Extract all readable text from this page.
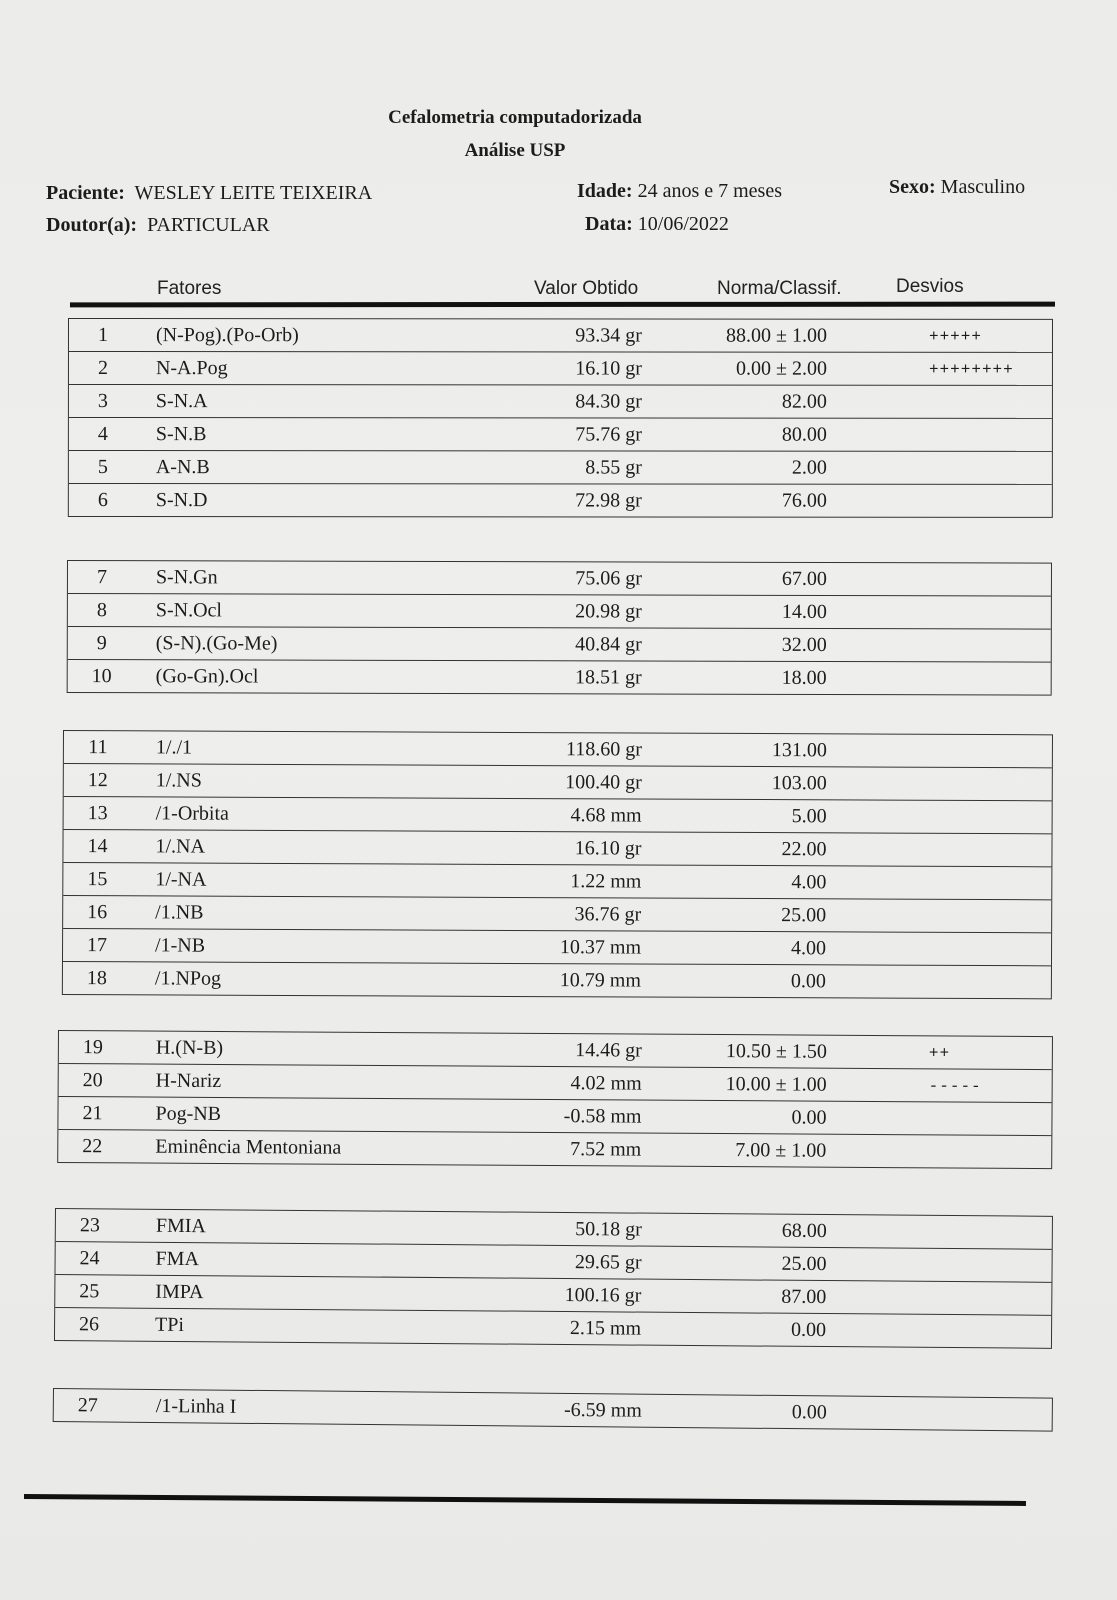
Cefalometria computadorizada
Análise USP
Paciente: WESLEY LEITE TEIXEIRA	Idade: 24 anos e 7 meses	Sexo: Masculino
Doutor(a): PARTICULAR	Data: 10/06/2022
Fatores	Valor Obtido	Norma/Classif.	Desvios
1	(N-Pog).(Po-Orb)	93.34 gr	88.00 ± 1.00	+++++
2	N-A.Pog	16.10 gr	0.00 ± 2.00	++++++++
3	S-N.A	84.30 gr	82.00
4	S-N.B	75.76 gr	80.00
5	A-N.B	8.55 gr	2.00
6	S-N.D	72.98 gr	76.00
7	S-N.Gn	75.06 gr	67.00
8	S-N.Ocl	20.98 gr	14.00
9	(S-N).(Go-Me)	40.84 gr	32.00
10	(Go-Gn).Ocl	18.51 gr	18.00
11	1/./1	118.60 gr	131.00
12	1/.NS	100.40 gr	103.00
13	/1-Orbita	4.68 mm	5.00
14	1/.NA	16.10 gr	22.00
15	1/-NA	1.22 mm	4.00
16	/1.NB	36.76 gr	25.00
17	/1-NB	10.37 mm	4.00
18	/1.NPog	10.79 mm	0.00
19	H.(N-B)	14.46 gr	10.50 ± 1.50	++
20	H-Nariz	4.02 mm	10.00 ± 1.00	-----
21	Pog-NB	-0.58 mm	0.00
22	Eminência Mentoniana	7.52 mm	7.00 ± 1.00
23	FMIA	50.18 gr	68.00
24	FMA	29.65 gr	25.00
25	IMPA	100.16 gr	87.00
26	TPi	2.15 mm	0.00
27	/1-Linha I	-6.59 mm	0.00
